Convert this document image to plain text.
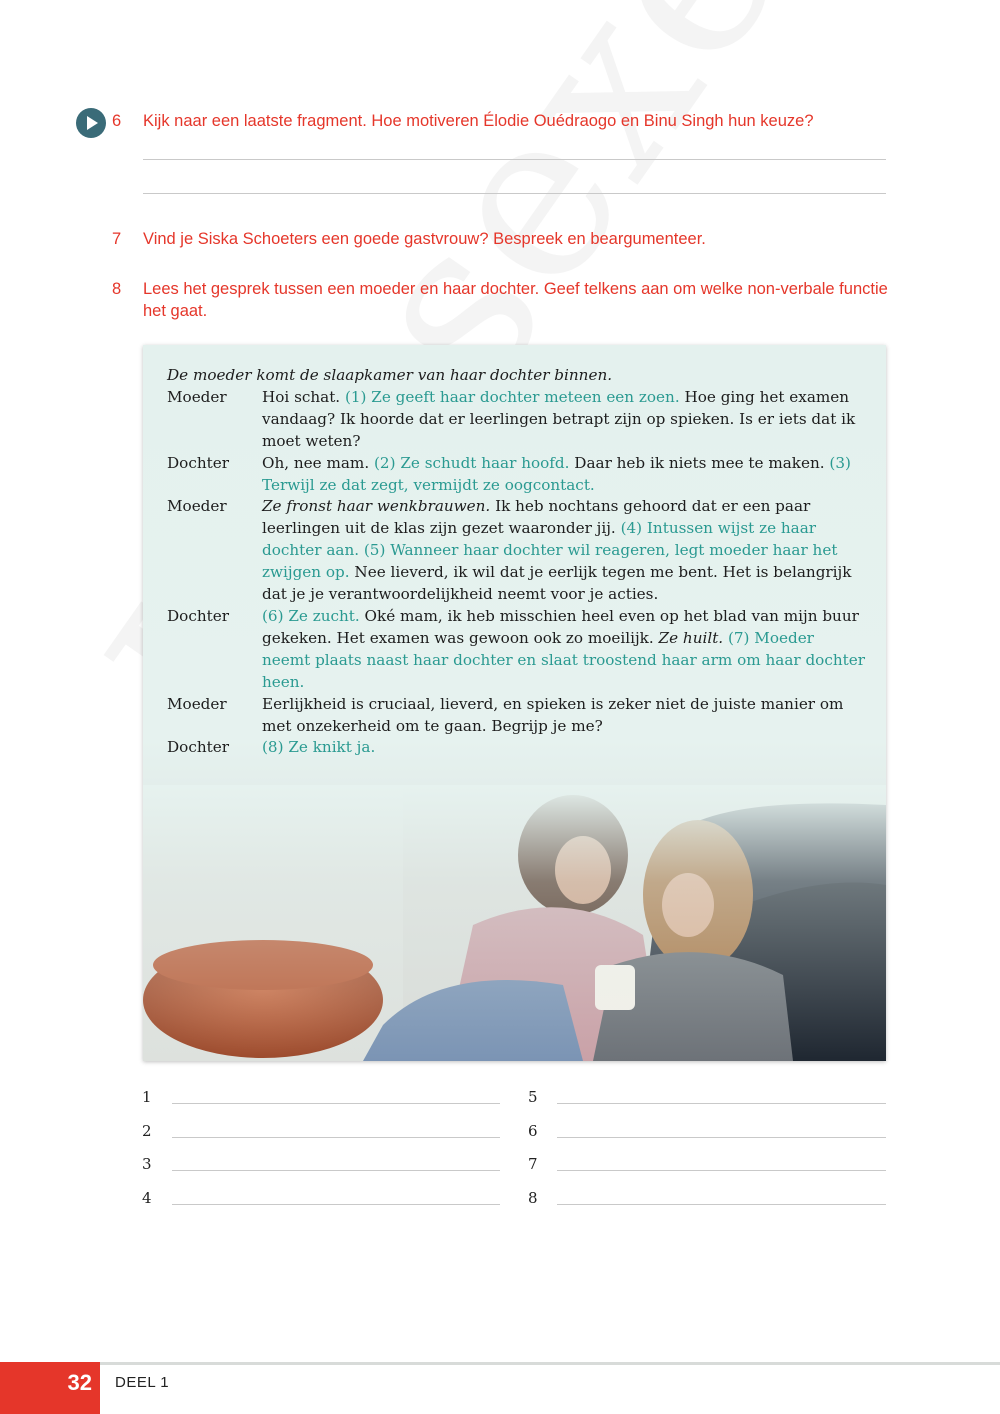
6 Kijk naar een laatste fragment. Hoe motiveren Élodie Ouédraogo en Binu Singh hun keuze?
7 Vind je Siska Schoeters een goede gastvrouw? Bespreek en beargumenteer.
8 Lees het gesprek tussen een moeder en haar dochter. Geef telkens aan om welke non-verbale functie het gaat.
De moeder komt de slaapkamer van haar dochter binnen.
Moeder	Hoi schat. (1) Ze geeft haar dochter meteen een zoen. Hoe ging het examen vandaag? Ik hoorde dat er leerlingen betrapt zijn op spieken. Is er iets dat ik moet weten?
Dochter	Oh, nee mam. (2) Ze schudt haar hoofd. Daar heb ik niets mee te maken. (3) Terwijl ze dat zegt, vermijdt ze oogcontact.
Moeder	Ze fronst haar wenkbrauwen. Ik heb nochtans gehoord dat er een paar leerlingen uit de klas zijn gezet waaronder jij. (4) Intussen wijst ze haar dochter aan. (5) Wanneer haar dochter wil reageren, legt moeder haar het zwijgen op. Nee lieverd, ik wil dat je eerlijk tegen me bent. Het is belangrijk dat je je verantwoordelijkheid neemt voor je acties.
Dochter	(6) Ze zucht. Oké mam, ik heb misschien heel even op het blad van mijn buur gekeken. Het examen was gewoon ook zo moeilijk. Ze huilt. (7) Moeder neemt plaats naast haar dochter en slaat troostend haar arm om haar dochter heen.
Moeder	Eerlijkheid is cruciaal, lieverd, en spieken is zeker niet de juiste manier om met onzekerheid om te gaan. Begrijp je me?
Dochter	(8) Ze knikt ja.
1
2
3
4
5
6
7
8
32 DEEL 1
